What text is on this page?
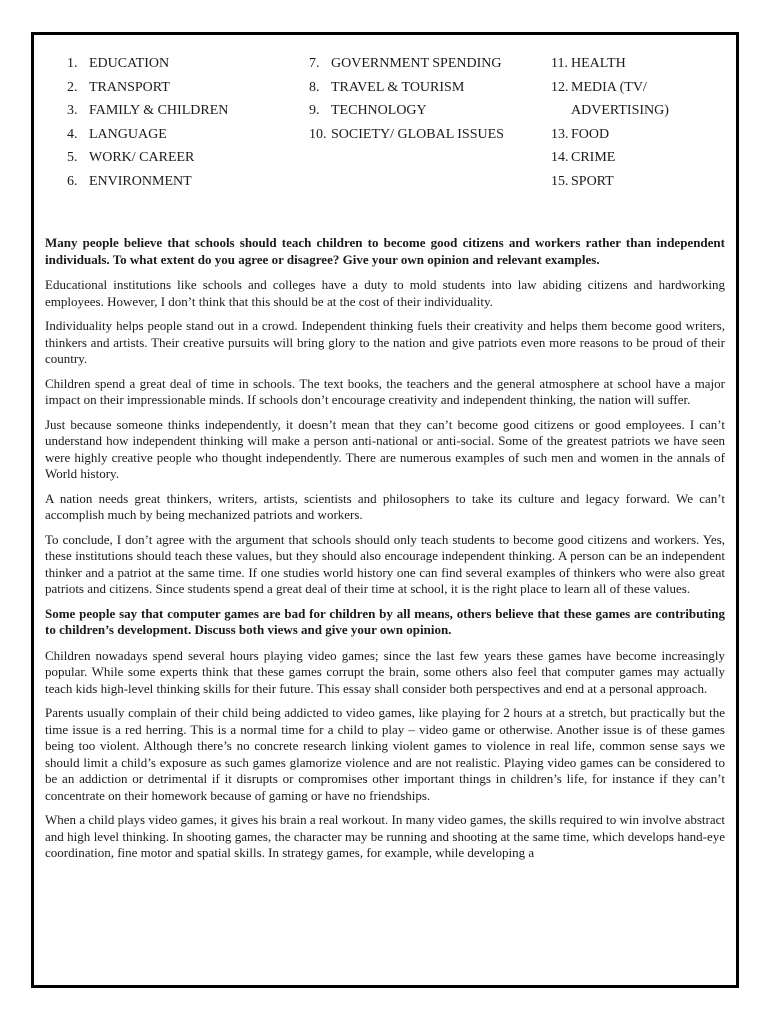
1. EDUCATION
2. TRANSPORT
3. FAMILY & CHILDREN
4. LANGUAGE
5. WORK/ CAREER
6. ENVIRONMENT
7. GOVERNMENT SPENDING
8. TRAVEL & TOURISM
9. TECHNOLOGY
10. SOCIETY/ GLOBAL ISSUES
11. HEALTH
12. MEDIA (TV/ ADVERTISING)
13. FOOD
14. CRIME
15. SPORT

Many people believe that schools should teach children to become good citizens and workers rather than independent individuals. To what extent do you agree or disagree? Give your own opinion and relevant examples.

Educational institutions like schools and colleges have a duty to mold students into law abiding citizens and hardworking employees. However, I don’t think that this should be at the cost of their individuality.

Individuality helps people stand out in a crowd. Independent thinking fuels their creativity and helps them become good writers, thinkers and artists. Their creative pursuits will bring glory to the nation and give patriots even more reasons to be proud of their country.

Children spend a great deal of time in schools. The text books, the teachers and the general atmosphere at school have a major impact on their impressionable minds. If schools don’t encourage creativity and independent thinking, the nation will suffer.

Just because someone thinks independently, it doesn’t mean that they can’t become good citizens or good employees. I can’t understand how independent thinking will make a person anti-national or anti-social. Some of the greatest patriots we have seen were highly creative people who thought independently. There are numerous examples of such men and women in the annals of World history.

A nation needs great thinkers, writers, artists, scientists and philosophers to take its culture and legacy forward. We can’t accomplish much by being mechanized patriots and workers.

To conclude, I don’t agree with the argument that schools should only teach students to become good citizens and workers. Yes, these institutions should teach these values, but they should also encourage independent thinking. A person can be an independent thinker and a patriot at the same time. If one studies world history one can find several examples of thinkers who were also great patriots and citizens. Since students spend a great deal of their time at school, it is the right place to learn all of these values.

Some people say that computer games are bad for children by all means, others believe that these games are contributing to children’s development. Discuss both views and give your own opinion.

Children nowadays spend several hours playing video games; since the last few years these games have become increasingly popular. While some experts think that these games corrupt the brain, some others also feel that computer games may actually teach kids high-level thinking skills for their future. This essay shall consider both perspectives and end at a personal approach.

Parents usually complain of their child being addicted to video games, like playing for 2 hours at a stretch, but practically but the time issue is a red herring. This is a normal time for a child to play – video game or otherwise. Another issue is of these games being too violent. Although there’s no concrete research linking violent games to violence in real life, common sense says we should limit a child’s exposure as such games glamorize violence and are not realistic. Playing video games can be considered to be an addiction or detrimental if it disrupts or compromises other important things in children’s life, for instance if they can’t concentrate on their homework because of gaming or have no friendships.

When a child plays video games, it gives his brain a real workout. In many video games, the skills required to win involve abstract and high level thinking. In shooting games, the character may be running and shooting at the same time, which develops hand-eye coordination, fine motor and spatial skills. In strategy games, for example, while developing a
